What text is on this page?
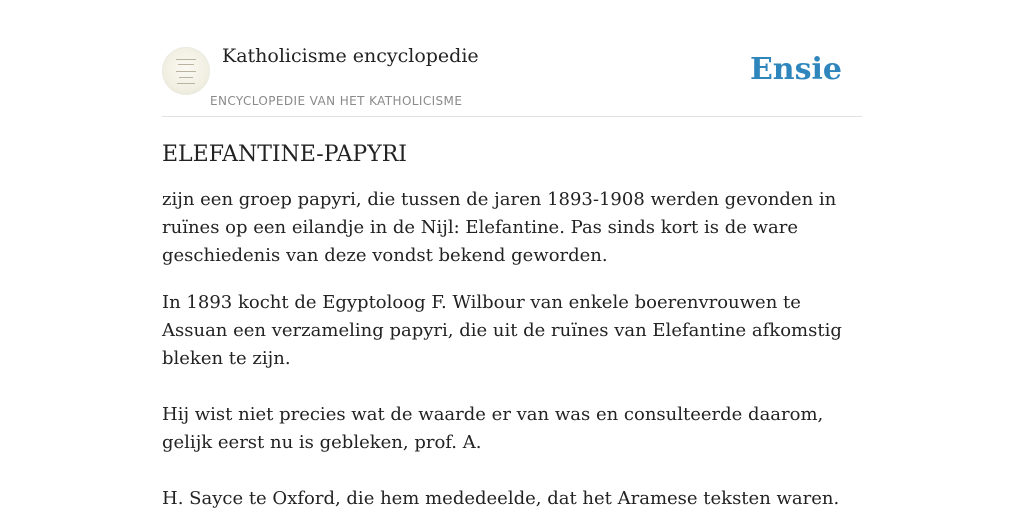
Katholicisme encyclopedie
ENCYCLOPEDIE VAN HET KATHOLICISME
Ensie
ELEFANTINE-PAPYRI

zijn een groep papyri, die tussen de jaren 1893-1908 werden gevonden in ruïnes op een eilandje in de Nijl: Elefantine. Pas sinds kort is de ware geschiedenis van deze vondst bekend geworden.

In 1893 kocht de Egyptoloog F. Wilbour van enkele boerenvrouwen te Assuan een verzameling papyri, die uit de ruïnes van Elefantine afkomstig bleken te zijn.

Hij wist niet precies wat de waarde er van was en consulteerde daarom, gelijk eerst nu is gebleken, prof. A.

H. Sayce te Oxford, die hem mededeelde, dat het Aramese teksten waren.
